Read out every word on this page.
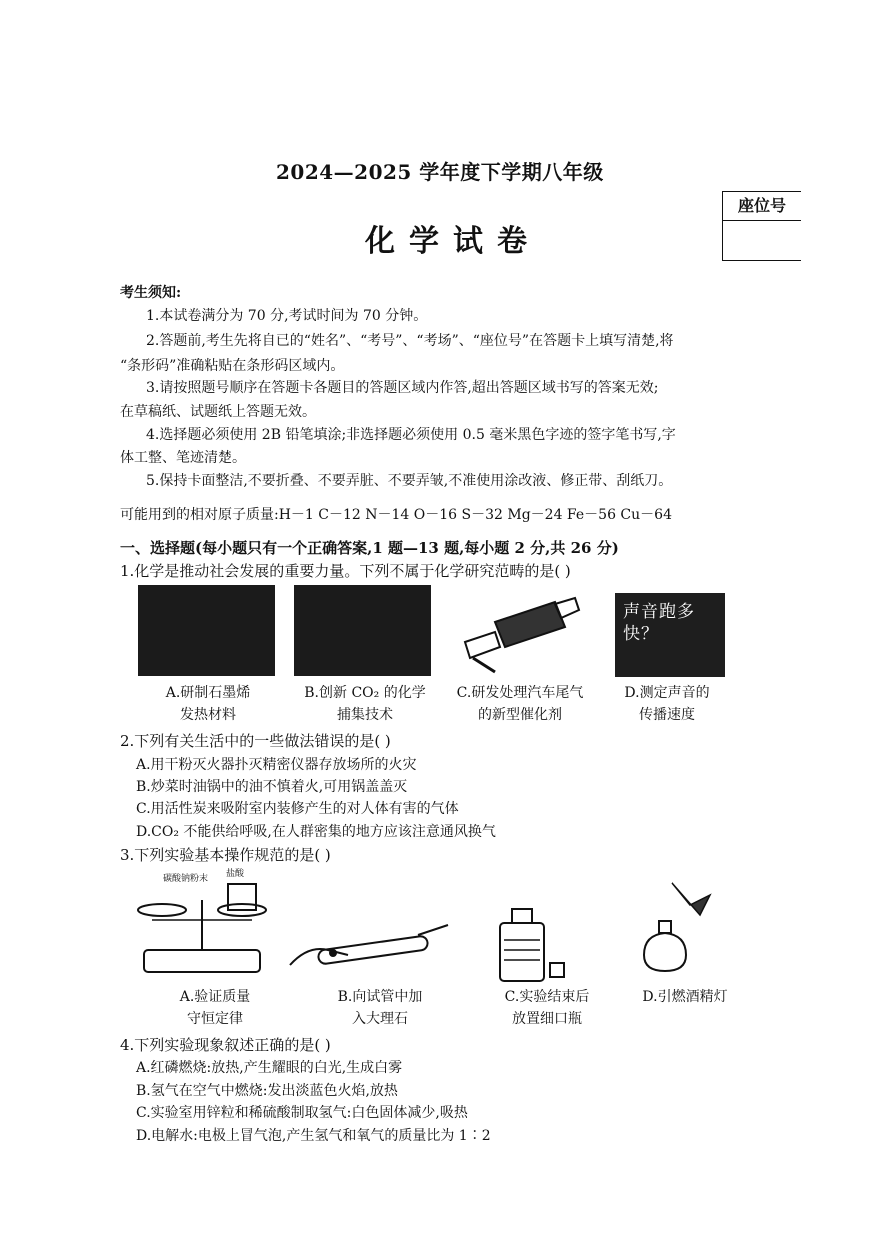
2024—2025 学年度下学期八年级
化学试卷
座位号
考生须知:
1.本试卷满分为 70 分,考试时间为 70 分钟。
2.答题前,考生先将自已的“姓名”、“考号”、“考场”、“座位号”在答题卡上填写清楚,将
“条形码”准确粘贴在条形码区域内。
3.请按照题号顺序在答题卡各题目的答题区域内作答,超出答题区域书写的答案无效;
在草稿纸、试题纸上答题无效。
4.选择题必须使用 2B 铅笔填涂;非选择题必须使用 0.5 毫米黑色字迹的签字笔书写,字
体工整、笔迹清楚。
5.保持卡面整洁,不要折叠、不要弄脏、不要弄皱,不准使用涂改液、修正带、刮纸刀。
可能用到的相对原子质量:H－1 C－12 N－14 O－16 S－32 Mg－24 Fe－56 Cu－64
一、选择题(每小题只有一个正确答案,1 题—13 题,每小题 2 分,共 26 分)
1.化学是推动社会发展的重要力量。下列不属于化学研究范畴的是( )
声音跑多快？
A.研制石墨烯
发热材料
B.创新 CO₂ 的化学
捕集技术
C.研发处理汽车尾气
的新型催化剂
D.测定声音的
传播速度
2.下列有关生活中的一些做法错误的是( )
A.用干粉灭火器扑灭精密仪器存放场所的火灾
B.炒菜时油锅中的油不慎着火,可用锅盖盖灭
C.用活性炭来吸附室内装修产生的对人体有害的气体
D.CO₂ 不能供给呼吸,在人群密集的地方应该注意通风换气
3.下列实验基本操作规范的是( )
碳酸钠粉末 盐酸
A.验证质量
守恒定律
B.向试管中加
入大理石
C.实验结束后
放置细口瓶
D.引燃酒精灯
4.下列实验现象叙述正确的是( )
A.红磷燃烧:放热,产生耀眼的白光,生成白雾
B.氢气在空气中燃烧:发出淡蓝色火焰,放热
C.实验室用锌粒和稀硫酸制取氢气:白色固体减少,吸热
D.电解水:电极上冒气泡,产生氢气和氧气的质量比为 1∶2
